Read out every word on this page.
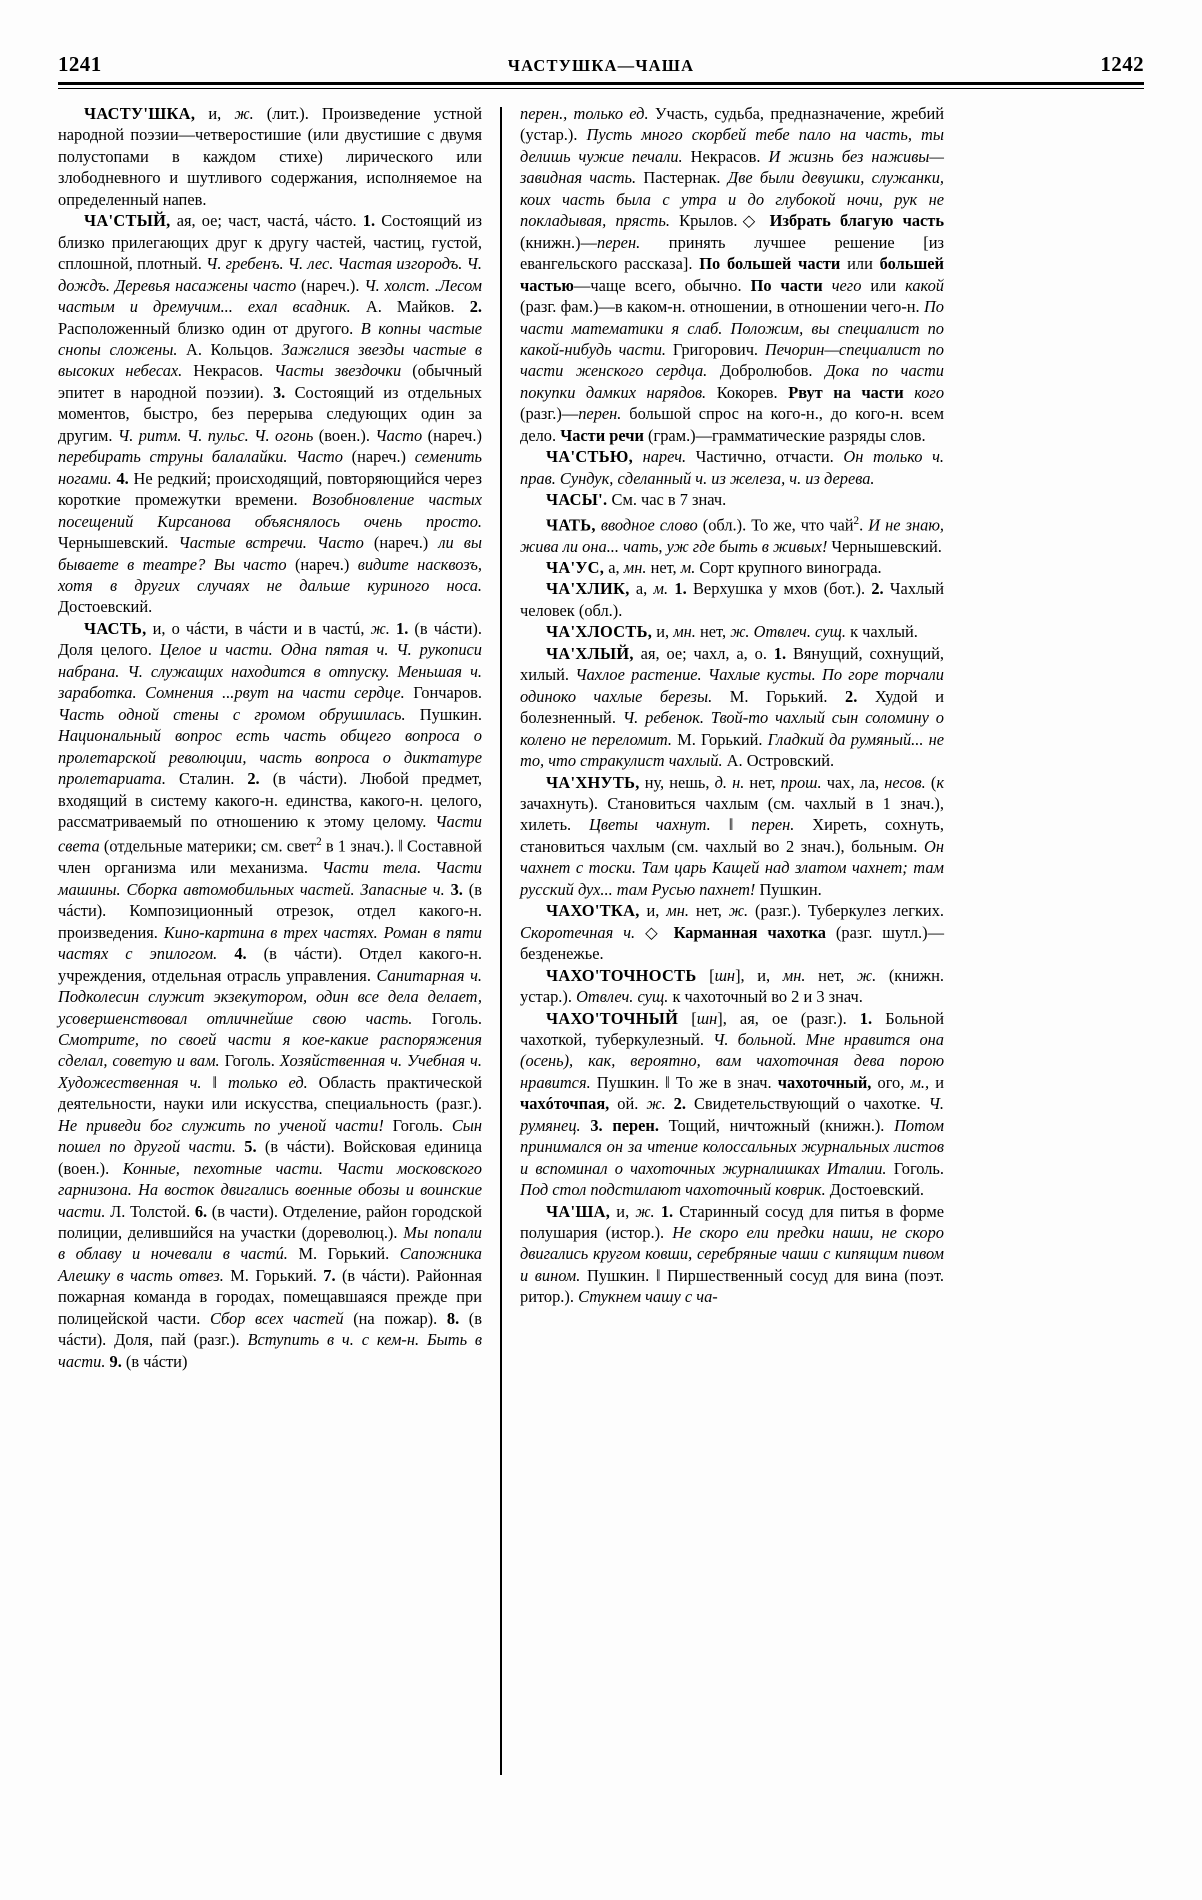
1241	ЧАСТУШКА—ЧАША	1242

ЧАСТУ'ШКА, и, ж. (лит.). Произведение устной народной поэзии—четверостишие (или двустишие с двумя полустопами в каждом стихе) лирического или злободневного и шутливого содержания, исполняемое на определенный напев.

ЧА'СТЫЙ, ая, ое; част, частá, чáсто. 1. Состоящий из близко прилегающих друг к другу частей, частиц, густой, сплошной, плотный. Ч. гребенъ. Ч. лес. Частая изгородъ. Ч. дождъ. Деревья насажены часто (нареч.). Ч. холст. .Лесом частым и дремучим... ехал всадник. А. Майков. 2. Расположенный близко один от другого. В копны частые снопы сложены. А. Кольцов. Зажглися звезды частые в высоких небесах. Некрасов. Часты звездочки (обычный эпитет в народной поэзии). 3. Состоящий из отдельных моментов, быстро, без перерыва следующих один за другим. Ч. ритм. Ч. пульс. Ч. огонь (воен.). Часто (нареч.) перебирать струны балалайки. Часто (нареч.) семенить ногами. 4. Не редкий; происходящий, повторяющийся через короткие промежутки времени. Возобновление частых посещений Кирсанова объяснялось очень просто. Чернышевский. Частые встречи. Часто (нареч.) ли вы бываете в театре? Вы часто (нареч.) видите насквозъ, хотя в других случаях не дальше куриного носа. Достоевский.

ЧАСТЬ, и, о чáсти, в чáсти и в частú, ж. 1. (в чáсти). Доля целого. Целое и части. Одна пятая ч. Ч. рукописи набрана. Ч. служащих находится в отпуску. Меньшая ч. заработка. Сомнения ...рвут на части сердце. Гончаров. Часть одной стены с громом обрушилась. Пушкин. Национальный вопрос есть часть общего вопроса о пролетарской революции, часть вопроса о диктатуре пролетариата. Сталин. 2. (в чáсти). Любой предмет, входящий в систему какого-н. единства, какого-н. целого, рассматриваемый по отношению к этому целому. Части света (отдельные материки; см. свет$^2$ в 1 знач.). ǁ Составной член организма или механизма. Части тела. Части машины. Сборка автомобильных частей. Запасные ч. 3. (в чáсти). Композиционный отрезок, отдел какого-н. произведения. Кино-картина в трех частях. Роман в пяти частях с эпилогом. 4. (в чáсти). Отдел какого-н. учреждения, отдельная отрасль управления. Санитарная ч. Подколесин служит экзекутором, один все дела делает, усовершенствовал отличнейше свою часть. Гоголь. Смотрите, по своей части я кое-какие распоряжения сделал, советую и вам. Гоголь. Хозяйственная ч. Учебная ч. Художественная ч. ǁ только ед. Область практической деятельности, науки или искусства, специальность (разг.). Не приведи бог служить по ученой части! Гоголь. Сын пошел по другой части. 5. (в чáсти). Войсковая единица (воен.). Конные, пехотные части. Части московского гарнизона. На восток двигались военные обозы и воинские части. Л. Толстой. 6. (в части). Отделение, район городской полиции, делившийся на участки (дореволюц.). Мы попали в облаву и ночевали в частú. М. Горький. Сапожника Алешку в часть отвез. М. Горький. 7. (в чáсти). Районная пожарная команда в городах, помещавшаяся прежде при полицейской части. Сбор всех частей (на пожар). 8. (в чáсти). Доля, пай (разг.). Вступить в ч. с кем-н. Быть в части. 9. (в чáсти)

перен., только ед. Участь, судьба, предназначение, жребий (устар.). Пусть много скорбей тебе пало на часть, ты делишь чужие печали. Некрасов. И жизнь без наживы—завидная часть. Пастернак. Две были девушки, служанки, коих часть была с утра и до глубокой ночи, рук не покладывая, прясть. Крылов.◇ Избрать благую часть (книжн.)—перен. принять лучшее решение [из евангельского рассказа]. По большей части или большей частью—чаще всего, обычно. По части чего или какой (разг. фам.)—в каком-н. отношении, в отношении чего-н. По части математики я слаб. Положим, вы специалист по какой-нибудь части. Григорович. Печорин—специалист по части женского сердца. Добролюбов. Дока по части покупки дамких нарядов. Кокорев. Рвут на части кого (разг.)—перен. большой спрос на кого-н., до кого-н. всем дело. Части речи (грам.)—грамматические разряды слов.

ЧА'СТЬЮ, нареч. Частично, отчасти. Он только ч. прав. Сундук, сделанный ч. из железа, ч. из дерева.

ЧАСЫ'. См. час в 7 знач.

ЧАТЬ, вводное слово (обл.). То же, что чай$^2$. И не знаю, жива ли она... чать, уж где быть в живых! Чернышевский.

ЧА'УС, а, мн. нет, м. Сорт крупного винограда.

ЧА'ХЛИК, а, м. 1. Верхушка у мхов (бот.). 2. Чахлый человек (обл.).

ЧА'ХЛОСТЬ, и, мн. нет, ж. Отвлеч. сущ. к чахлый.

ЧА'ХЛЫЙ, ая, ое; чахл, а, о. 1. Вянущий, сохнущий, хилый. Чахлое растение. Чахлые кусты. По горе торчали одиноко чахлые березы. М. Горький. 2. Худой и болезненный. Ч. ребенок. Твой-то чахлый сын соломину о колено не переломит. М. Горький. Гладкий да румяный... не то, что стракулист чахлый. А. Островский.

ЧА'ХНУТЬ, ну, нешь, д. н. нет, прош. чах, ла, несов. (к зачахнуть). Становиться чахлым (см. чахлый в 1 знач.), хилеть. Цветы чахнут. ǁ перен. Хиреть, сохнуть, становиться чахлым (см. чахлый во 2 знач.), больным. Он чахнет с тоски. Там царь Кащей над златом чахнет; там русский дух... там Русью пахнет! Пушкин.

ЧАХО'ТКА, и, мн. нет, ж. (разг.). Туберкулез легких. Скоротечная ч. ◇ Карманная чахотка (разг. шутл.)—безденежье.

ЧАХО'ТОЧНОСТЬ [шн], и, мн. нет, ж. (книжн. устар.). Отвлеч. сущ. к чахоточный во 2 и 3 знач.

ЧАХО'ТОЧНЫЙ [шн], ая, ое (разг.). 1. Больной чахоткой, туберкулезный. Ч. больной. Мне нравится она (осень), как, вероятно, вам чахоточная дева порою нравится. Пушкин. ǁ То же в знач. чахоточный, ого, м., и чахóточпая, ой. ж. 2. Свидетельствующий о чахотке. Ч. румянец. 3. перен. Тощий, ничтожный (книжн.). Потом принимался он за чтение колоссальных журнальных листов и вспоминал о чахоточных журналишках Италии. Гоголь. Под стол подстилают чахоточный коврик. Достоевский.

ЧА'ША, и, ж. 1. Старинный сосуд для питья в форме полушария (истор.). Не скоро ели предки наши, не скоро двигались кругом ковши, серебряные чаши с кипящим пивом и вином. Пушкин. ǁ Пиршественный сосуд для вина (поэт. ритор.). Стукнем чашу с ча-
